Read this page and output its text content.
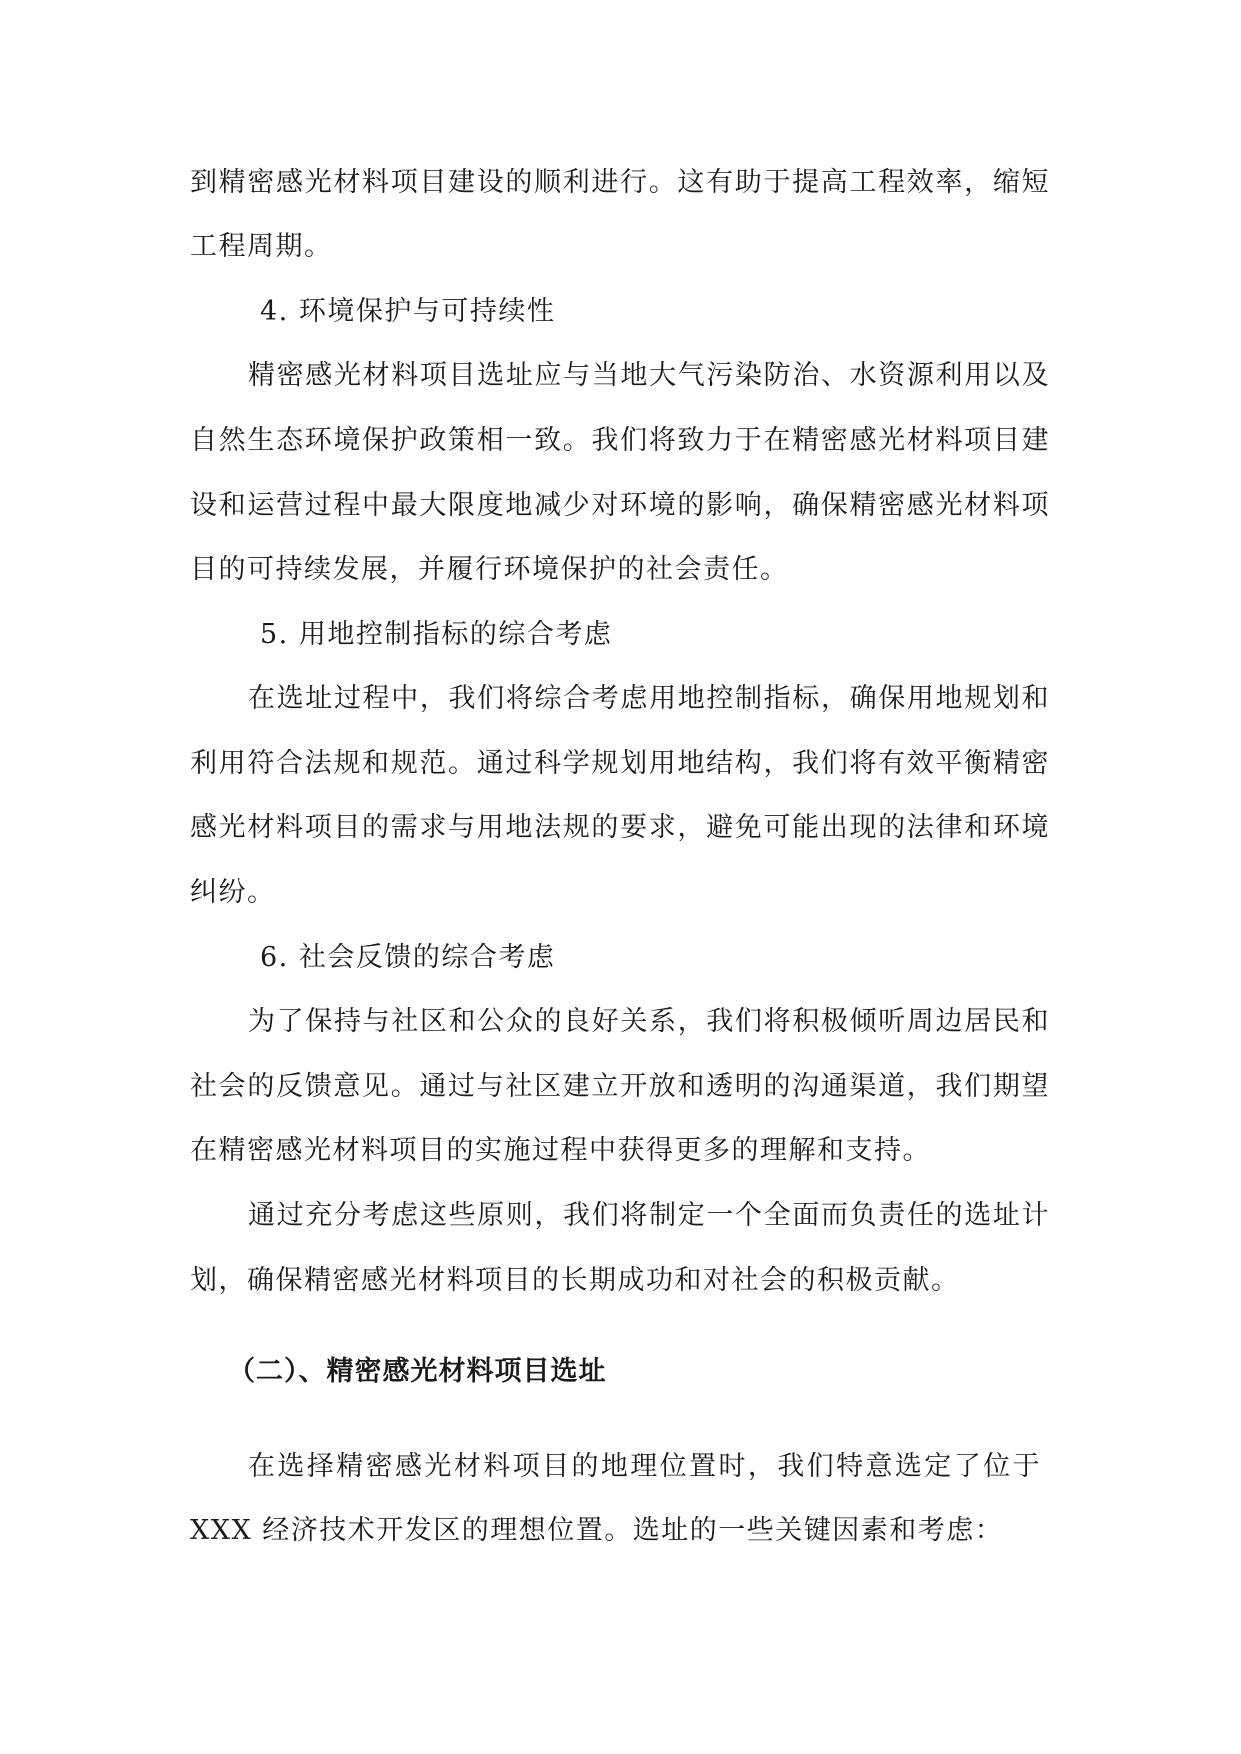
到精密感光材料项目建设的顺利进行。这有助于提高工程效率，缩短
工程周期。
4. 环境保护与可持续性
精密感光材料项目选址应与当地大气污染防治、水资源利用以及
自然生态环境保护政策相一致。我们将致力于在精密感光材料项目建
设和运营过程中最大限度地减少对环境的影响，确保精密感光材料项
目的可持续发展，并履行环境保护的社会责任。
5. 用地控制指标的综合考虑
在选址过程中，我们将综合考虑用地控制指标，确保用地规划和
利用符合法规和规范。通过科学规划用地结构，我们将有效平衡精密
感光材料项目的需求与用地法规的要求，避免可能出现的法律和环境
纠纷。
6. 社会反馈的综合考虑
为了保持与社区和公众的良好关系，我们将积极倾听周边居民和
社会的反馈意见。通过与社区建立开放和透明的沟通渠道，我们期望
在精密感光材料项目的实施过程中获得更多的理解和支持。
通过充分考虑这些原则，我们将制定一个全面而负责任的选址计
划，确保精密感光材料项目的长期成功和对社会的积极贡献。
（二）、精密感光材料项目选址
在选择精密感光材料项目的地理位置时，我们特意选定了位于
XXX 经济技术开发区的理想位置。选址的一些关键因素和考虑：
